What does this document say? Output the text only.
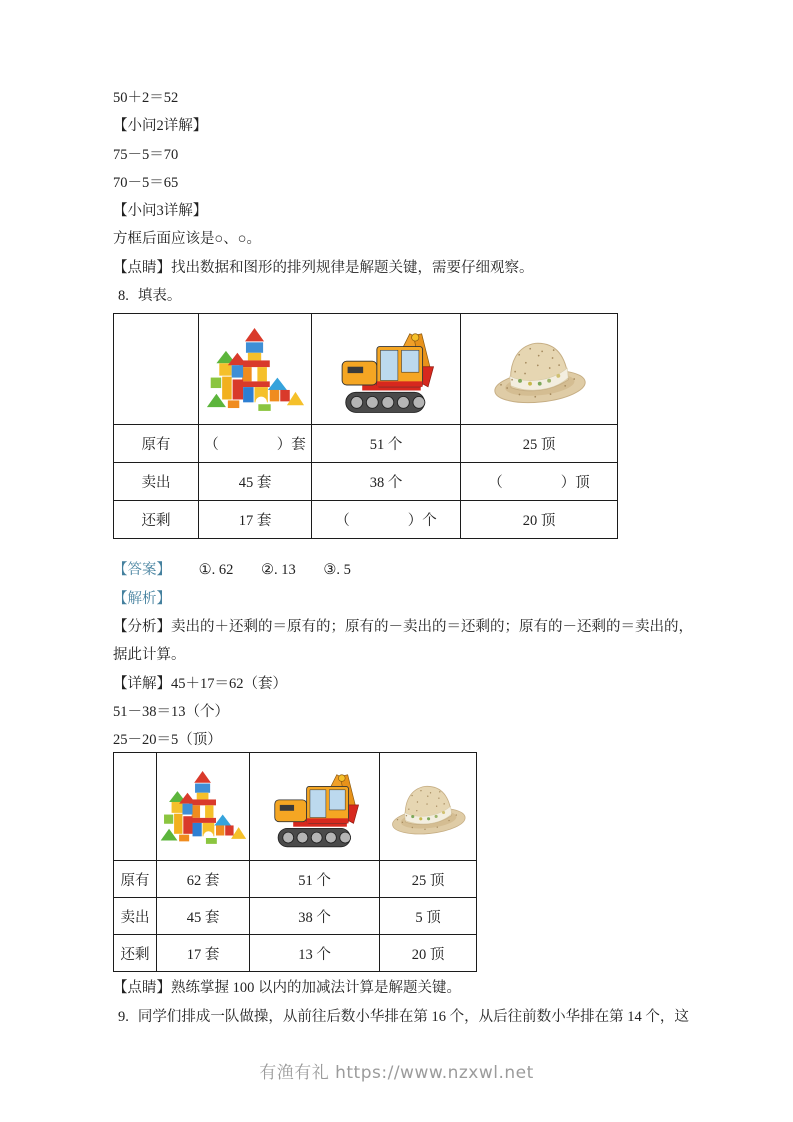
50＋2＝52

【小问2详解】

75－5＝70

70－5＝65

【小问3详解】

方框后面应该是○、○。

【点睛】找出数据和图形的排列规律是解题关键，需要仔细观察。

8. 填表。

原有	（　　　　）套	51 个	25 顶
卖出	45 套	38 个	（　　　　）顶
还剩	17 套	（　　　　）个	20 顶

【答案】 ①. 62 ②. 13 ③. 5

【解析】

【分析】卖出的＋还剩的＝原有的；原有的－卖出的＝还剩的；原有的－还剩的＝卖出的，

据此计算。

【详解】45＋17＝62（套）

51－38＝13（个）

25－20＝5（顶）

原有	62 套	51 个	25 顶
卖出	45 套	38 个	5 顶
还剩	17 套	13 个	20 顶

【点睛】熟练掌握 100 以内的加减法计算是解题关键。

9. 同学们排成一队做操，从前往后数小华排在第 16 个，从后往前数小华排在第 14 个，这

有渔有礼 https://www.nzxwl.net
